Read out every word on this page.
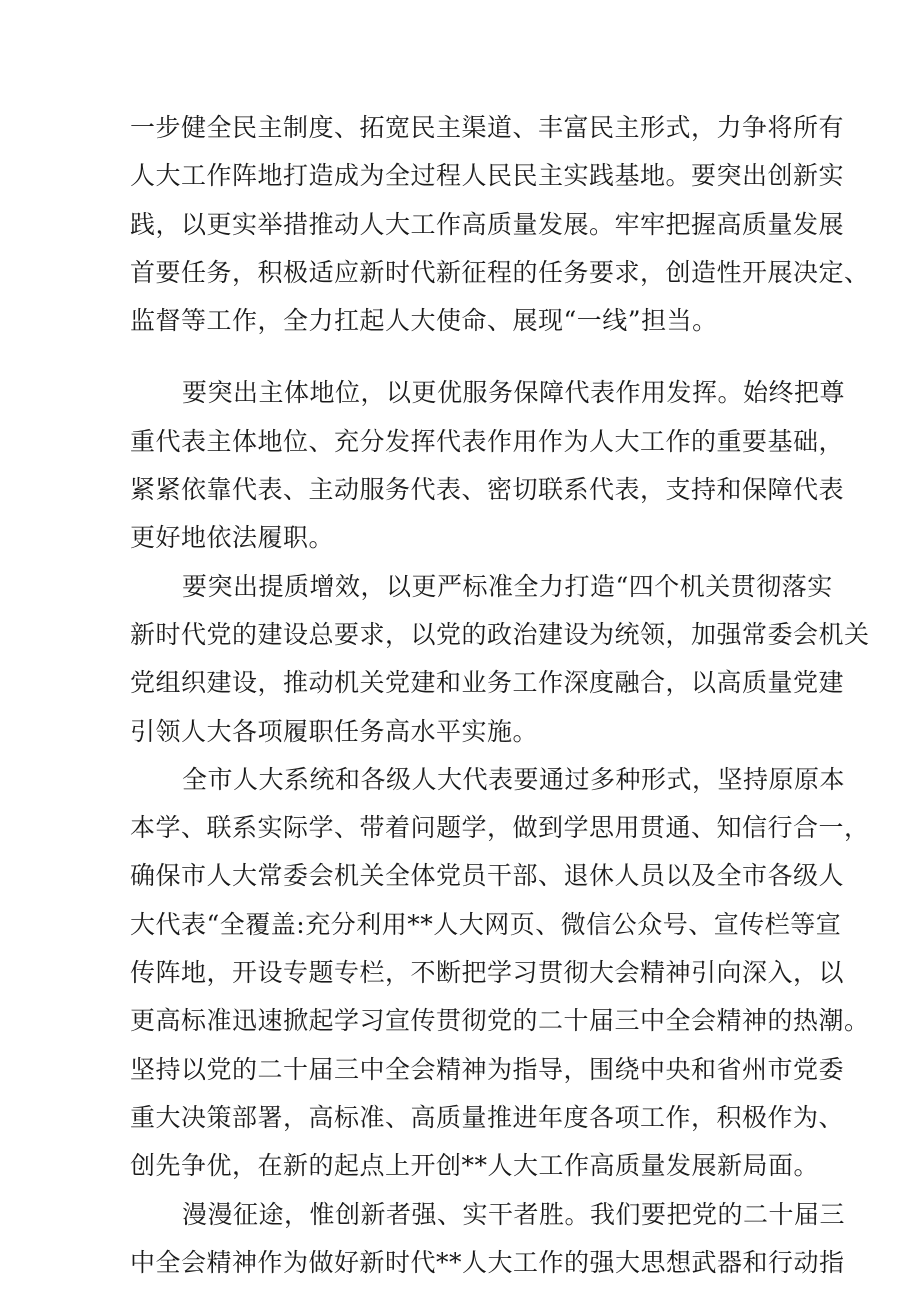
一步健全民主制度、拓宽民主渠道、丰富民主形式，力争将所有
人大工作阵地打造成为全过程人民民主实践基地。要突出创新实
践，以更实举措推动人大工作高质量发展。牢牢把握高质量发展
首要任务，积极适应新时代新征程的任务要求，创造性开展决定、
监督等工作，全力扛起人大使命、展现“一线”担当。
要突出主体地位，以更优服务保障代表作用发挥。始终把尊
重代表主体地位、充分发挥代表作用作为人大工作的重要基础，
紧紧依靠代表、主动服务代表、密切联系代表，支持和保障代表
更好地依法履职。
要突出提质增效，以更严标准全力打造“四个机关贯彻落实
新时代党的建设总要求，以党的政治建设为统领，加强常委会机关
党组织建设，推动机关党建和业务工作深度融合，以高质量党建
引领人大各项履职任务高水平实施。
全市人大系统和各级人大代表要通过多种形式，坚持原原本
本学、联系实际学、带着问题学，做到学思用贯通、知信行合一，
确保市人大常委会机关全体党员干部、退休人员以及全市各级人
大代表“全覆盖:充分利用**人大网页、微信公众号、宣传栏等宣
传阵地，开设专题专栏，不断把学习贯彻大会精神引向深入，以
更高标准迅速掀起学习宣传贯彻党的二十届三中全会精神的热潮。
坚持以党的二十届三中全会精神为指导，围绕中央和省州市党委
重大决策部署，高标准、高质量推进年度各项工作，积极作为、
创先争优，在新的起点上开创**人大工作高质量发展新局面。
漫漫征途，惟创新者强、实干者胜。我们要把党的二十届三
中全会精神作为做好新时代**人大工作的强大思想武器和行动指
